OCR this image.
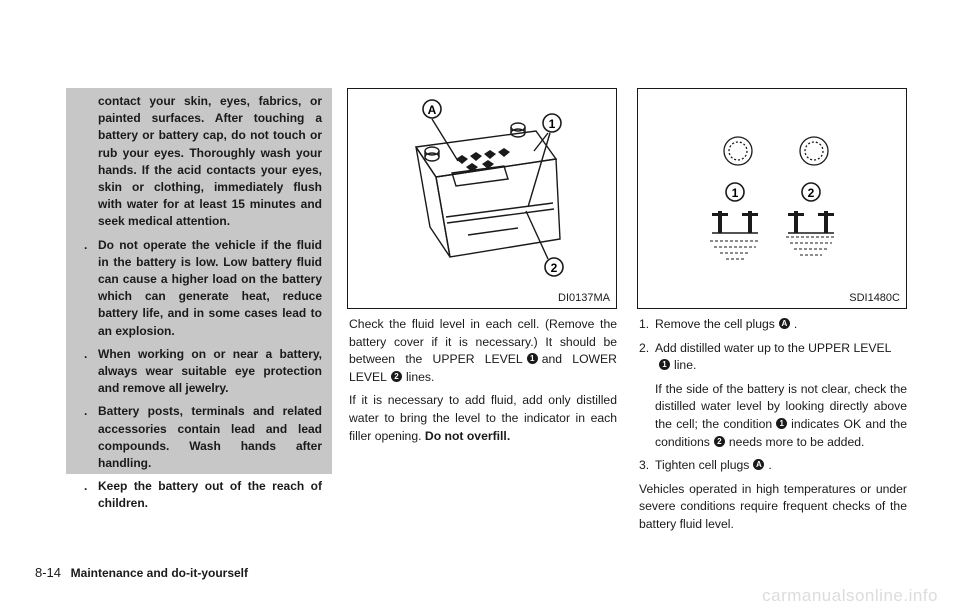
contact your skin, eyes, fabrics, or painted surfaces. After touching a battery or battery cap, do not touch or rub your eyes. Thoroughly wash your hands. If the acid contacts your eyes, skin or clothing, immediately flush with water for at least 15 minutes and seek medical attention.
. Do not operate the vehicle if the fluid in the battery is low. Low battery fluid can cause a higher load on the battery which can generate heat, reduce battery life, and in some cases lead to an explosion.
. When working on or near a battery, always wear suitable eye protection and remove all jewelry.
. Battery posts, terminals and related accessories contain lead and lead compounds. Wash hands after handling.
. Keep the battery out of the reach of children.
A
1
2
DI0137MA
1	2
SDI1480C

Check the fluid level in each cell. (Remove the battery cover if it is necessary.) It should be between the UPPER LEVEL 1 and LOWER LEVEL 2 lines.

If it is necessary to add fluid, add only distilled water to bring the level to the indicator in each filler opening. Do not overfill.

1. Remove the cell plugs A .

2. Add distilled water up to the UPPER LEVEL
1 line.

If the side of the battery is not clear, check the distilled water level by looking directly above the cell; the condition 1 indicates OK and the conditions 2 needs more to be added.

3. Tighten cell plugs A .

Vehicles operated in high temperatures or under severe conditions require frequent checks of the battery fluid level.

8-14 Maintenance and do-it-yourself
carmanualsonline.info
